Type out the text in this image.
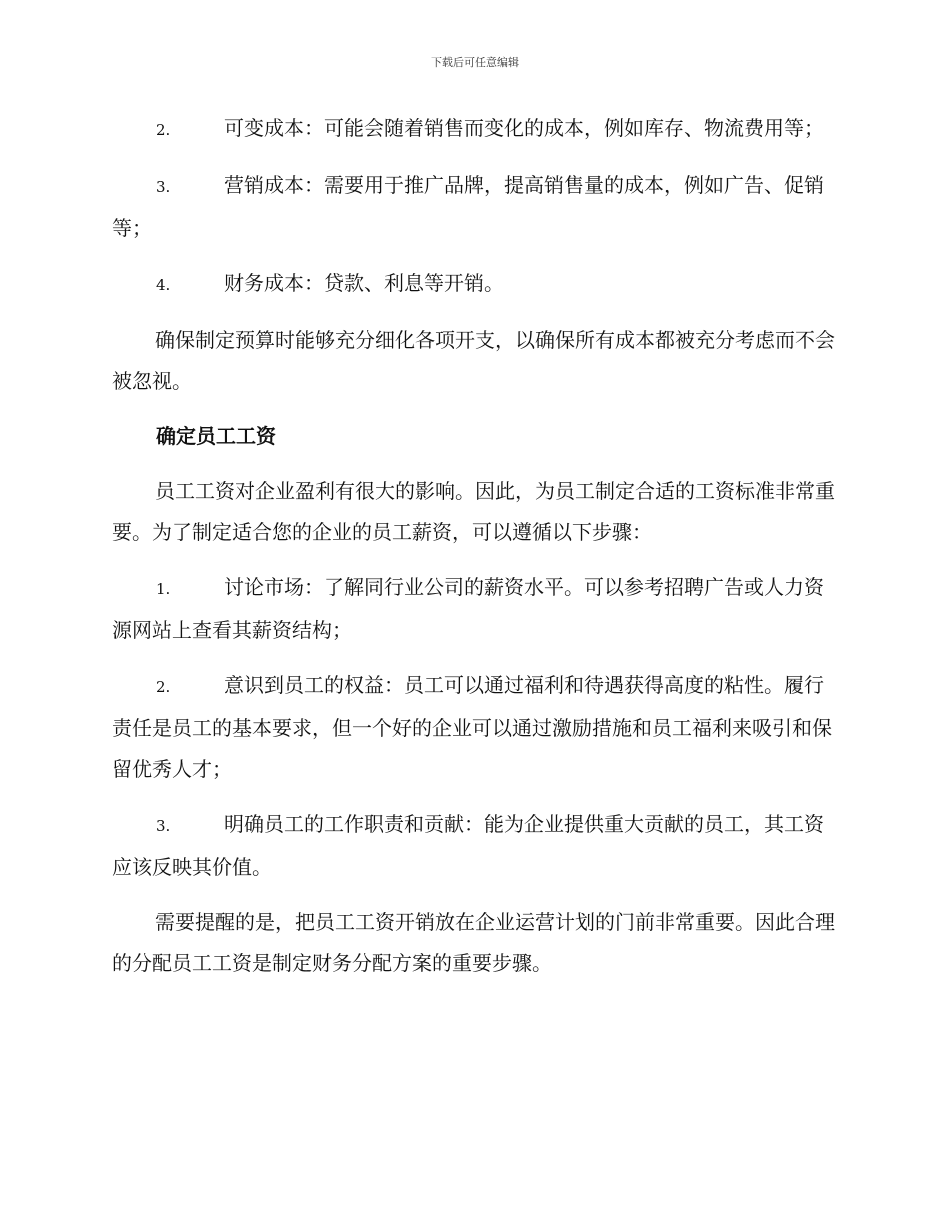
下载后可任意编辑
2.	可变成本：可能会随着销售而变化的成本，例如库存、物流费用等；
3.	营销成本：需要用于推广品牌，提高销售量的成本，例如广告、促销等；
4.	财务成本：贷款、利息等开销。

确保制定预算时能够充分细化各项开支，以确保所有成本都被充分考虑而不会被忽视。

确定员工工资

员工工资对企业盈利有很大的影响。因此，为员工制定合适的工资标准非常重要。为了制定适合您的企业的员工薪资，可以遵循以下步骤：

1.	讨论市场：了解同行业公司的薪资水平。可以参考招聘广告或人力资源网站上查看其薪资结构；
2.	意识到员工的权益：员工可以通过福利和待遇获得高度的粘性。履行责任是员工的基本要求，但一个好的企业可以通过激励措施和员工福利来吸引和保留优秀人才；
3.	明确员工的工作职责和贡献：能为企业提供重大贡献的员工，其工资应该反映其价值。

需要提醒的是，把员工工资开销放在企业运营计划的门前非常重要。因此合理的分配员工工资是制定财务分配方案的重要步骤。
